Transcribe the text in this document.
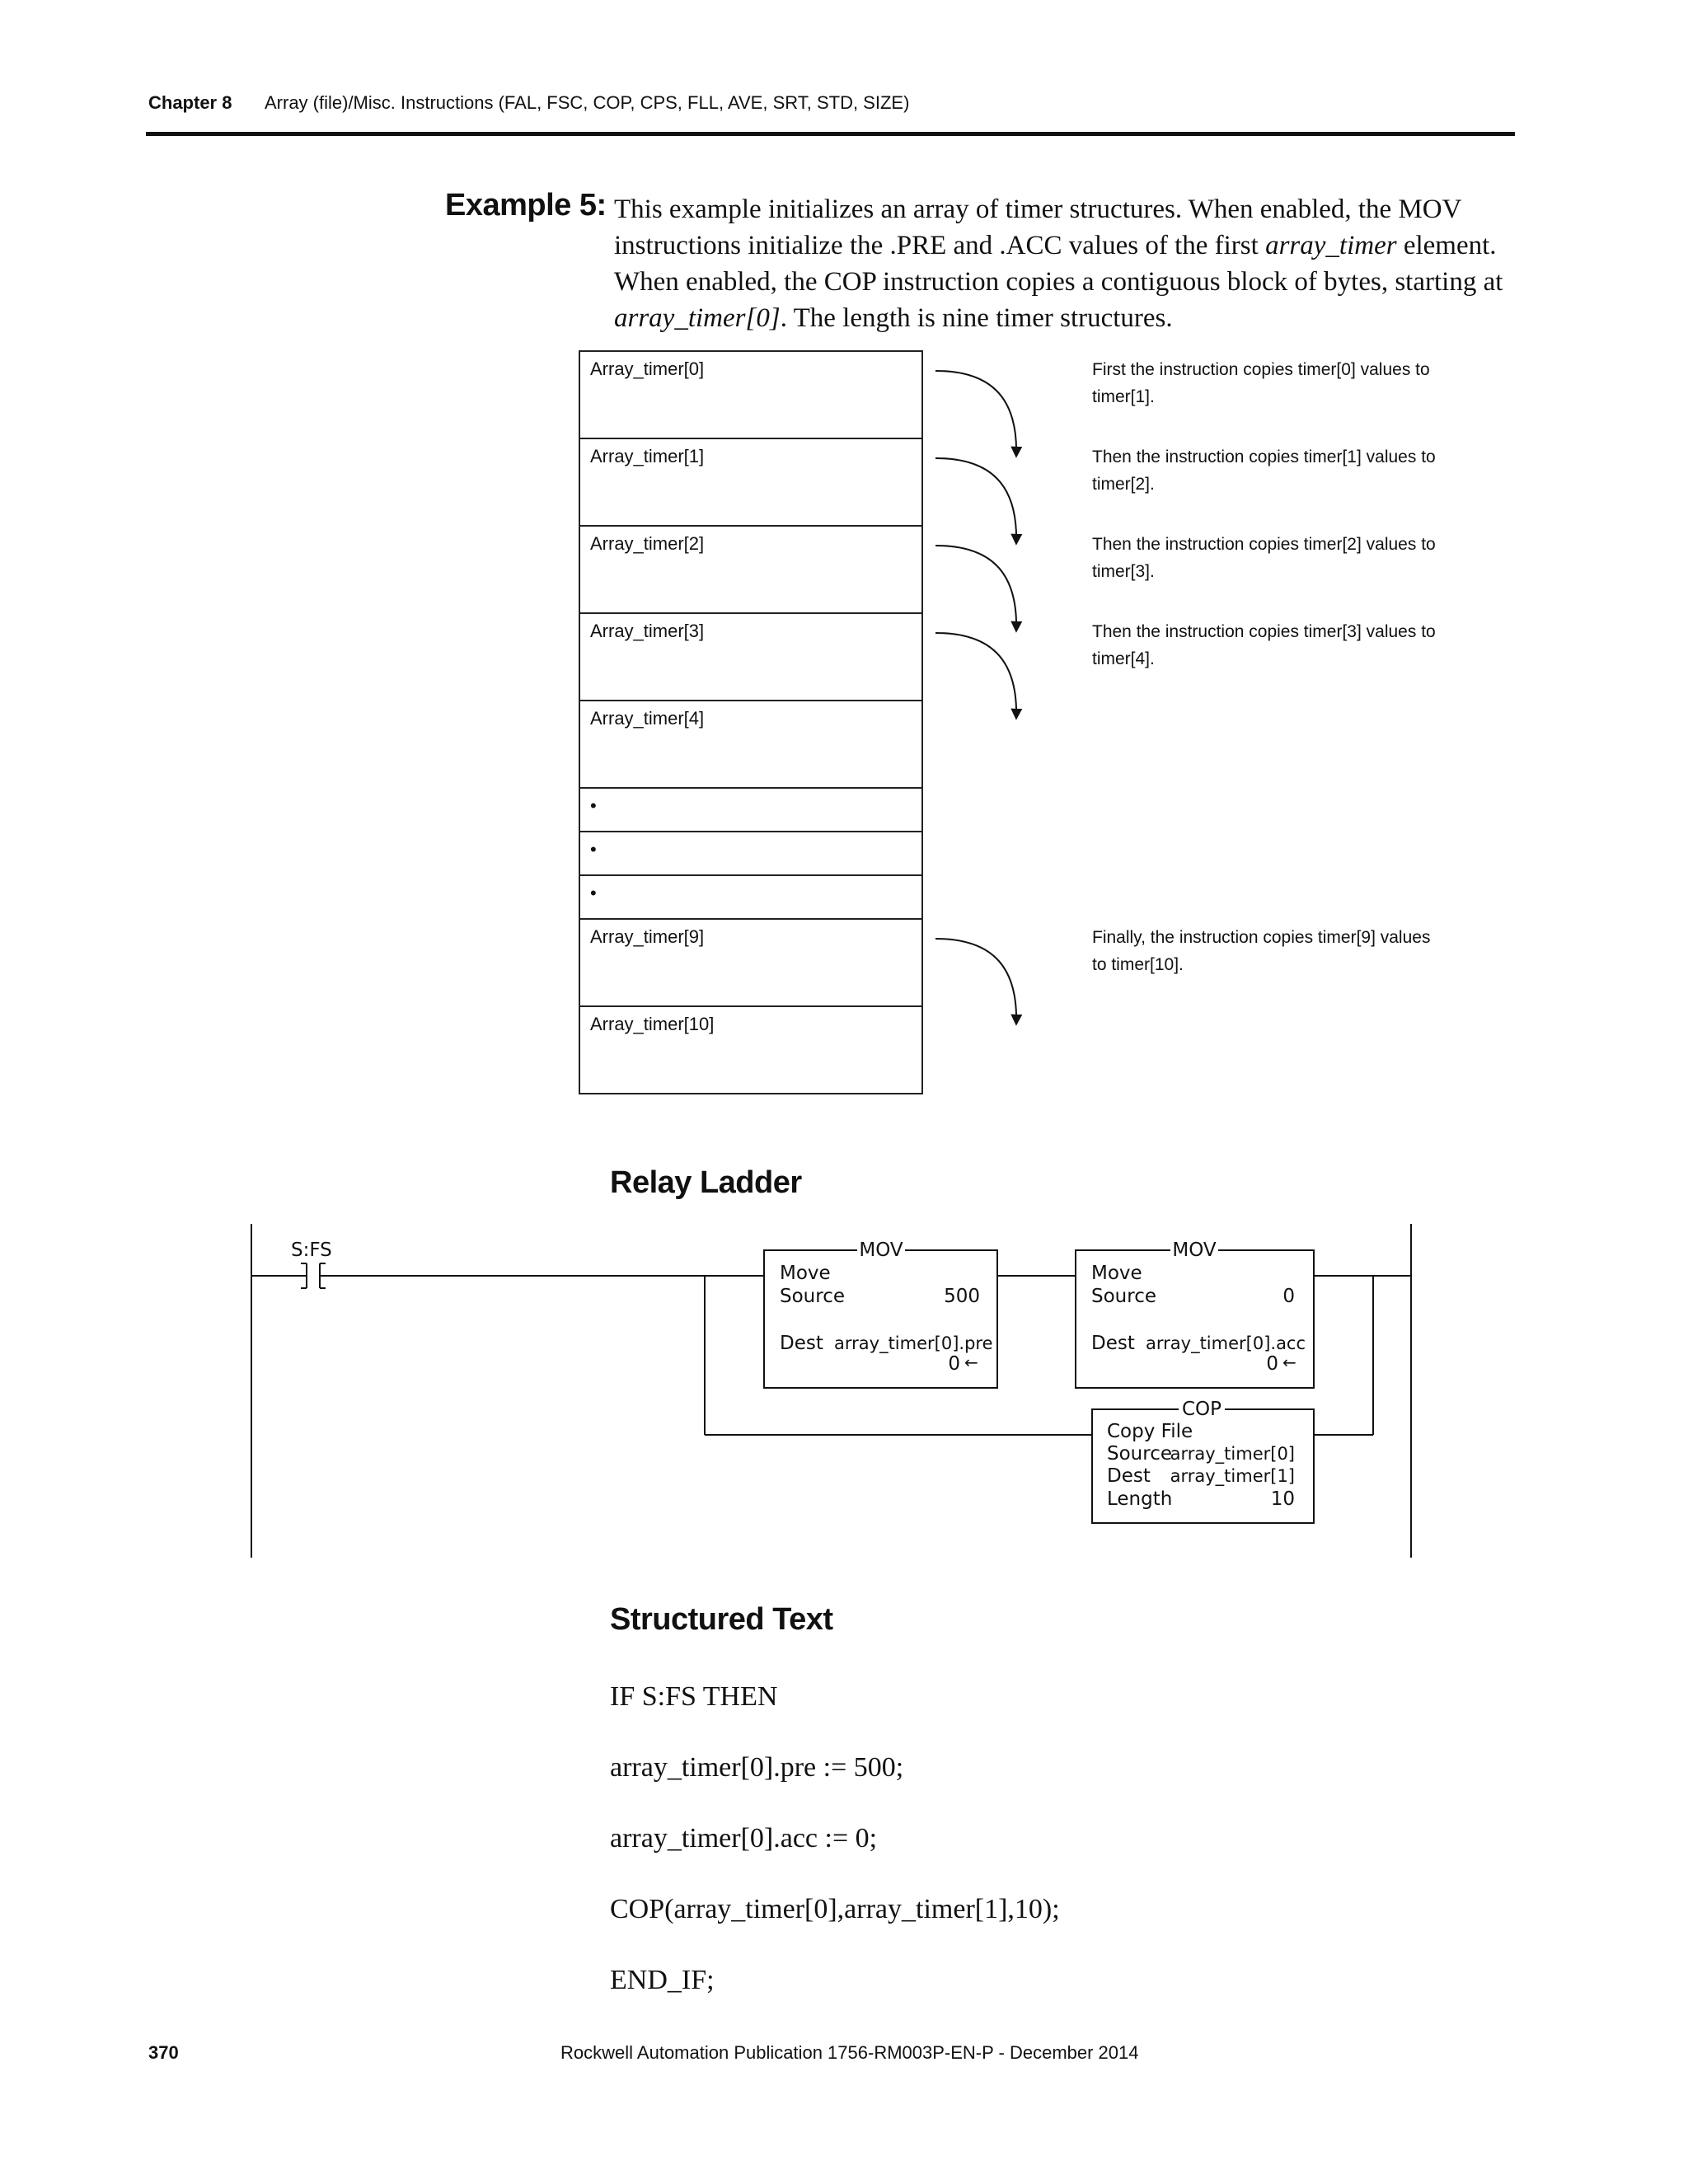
Chapter 8 Array (file)/Misc. Instructions (FAL, FSC, COP, CPS, FLL, AVE, SRT, STD, SIZE)
Example 5: This example initializes an array of timer structures. When enabled, the MOV instructions initialize the .PRE and .ACC values of the first array_timer element. When enabled, the COP instruction copies a contiguous block of bytes, starting at array_timer[0]. The length is nine timer structures.
Array_timer[0]
Array_timer[1]
Array_timer[2]
Array_timer[3]
Array_timer[4]
•
•
•
Array_timer[9]
Array_timer[10]
First the instruction copies timer[0] values to timer[1].
Then the instruction copies timer[1] values to timer[2].
Then the instruction copies timer[2] values to timer[3].
Then the instruction copies timer[3] values to timer[4].
Finally, the instruction copies timer[9] values to timer[10].
Relay Ladder
S:FS	MOV
Move
Source	500
Dest array_timer[0].pre
0 ←
MOV
Move
Source	0
Dest array_timer[0].acc
0 ←
COP
Copy File
Source
array_timer[0]
Dest array_timer[1]
Length	10
Structured Text
IF S:FS THEN
array_timer[0].pre := 500;
array_timer[0].acc := 0;
COP(array_timer[0],array_timer[1],10);
END_IF;
370	Rockwell Automation Publication 1756-RM003P-EN-P - December 2014
